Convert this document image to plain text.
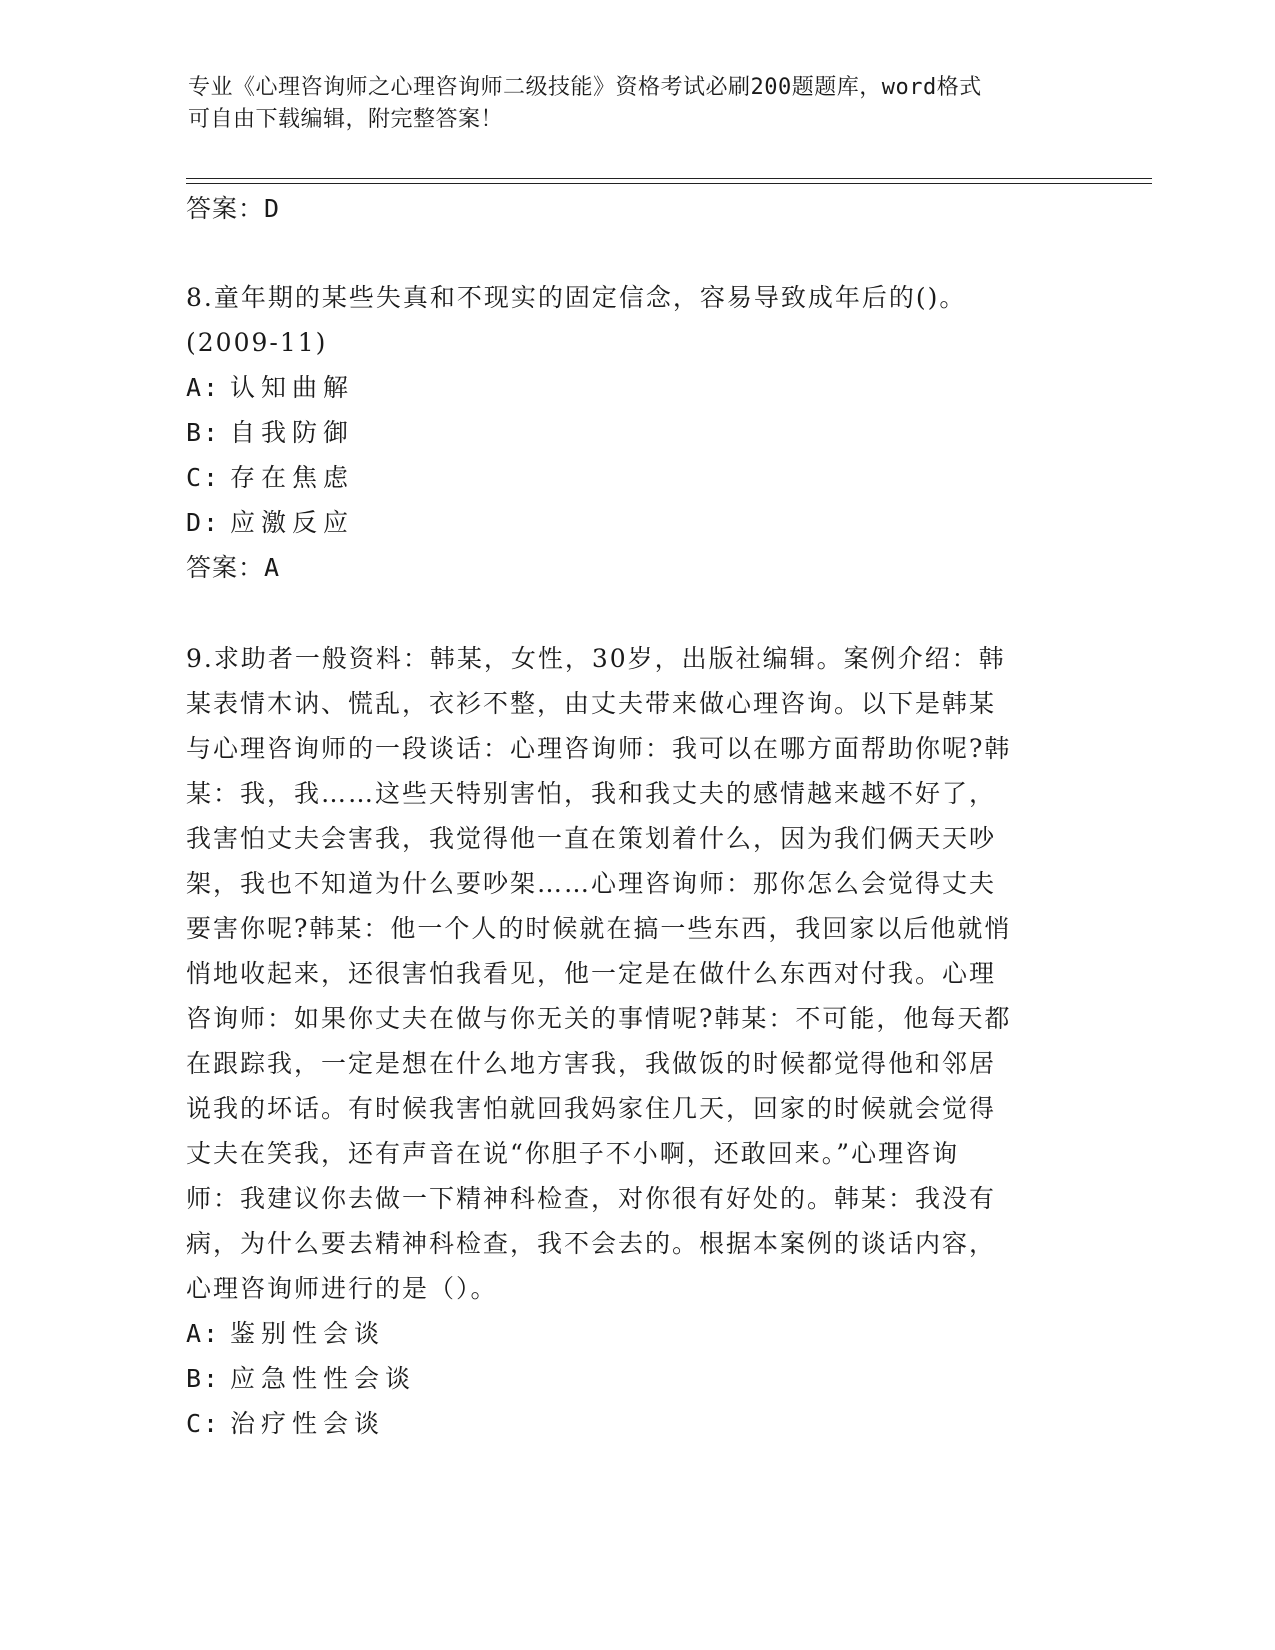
专业《心理咨询师之心理咨询师二级技能》资格考试必刷200题题库，word格式
可自由下载编辑，附完整答案！
答案：D
8.童年期的某些失真和不现实的固定信念，容易导致成年后的()。
(2009-11)
A: 认知曲解
B: 自我防御
C: 存在焦虑
D: 应激反应
答案：A
9.求助者一般资料：韩某，女性，30岁，出版社编辑。案例介绍：韩
某表情木讷、慌乱，衣衫不整，由丈夫带来做心理咨询。以下是韩某
与心理咨询师的一段谈话：心理咨询师：我可以在哪方面帮助你呢?韩
某：我，我……这些天特别害怕，我和我丈夫的感情越来越不好了，
我害怕丈夫会害我，我觉得他一直在策划着什么，因为我们俩天天吵
架，我也不知道为什么要吵架……心理咨询师：那你怎么会觉得丈夫
要害你呢?韩某：他一个人的时候就在搞一些东西，我回家以后他就悄
悄地收起来，还很害怕我看见，他一定是在做什么东西对付我。心理
咨询师：如果你丈夫在做与你无关的事情呢?韩某：不可能，他每天都
在跟踪我，一定是想在什么地方害我，我做饭的时候都觉得他和邻居
说我的坏话。有时候我害怕就回我妈家住几天，回家的时候就会觉得
丈夫在笑我，还有声音在说“你胆子不小啊，还敢回来。”心理咨询
师：我建议你去做一下精神科检查，对你很有好处的。韩某：我没有
病，为什么要去精神科检查，我不会去的。根据本案例的谈话内容，
心理咨询师进行的是（）。
A: 鉴别性会谈
B: 应急性性会谈
C: 治疗性会谈
